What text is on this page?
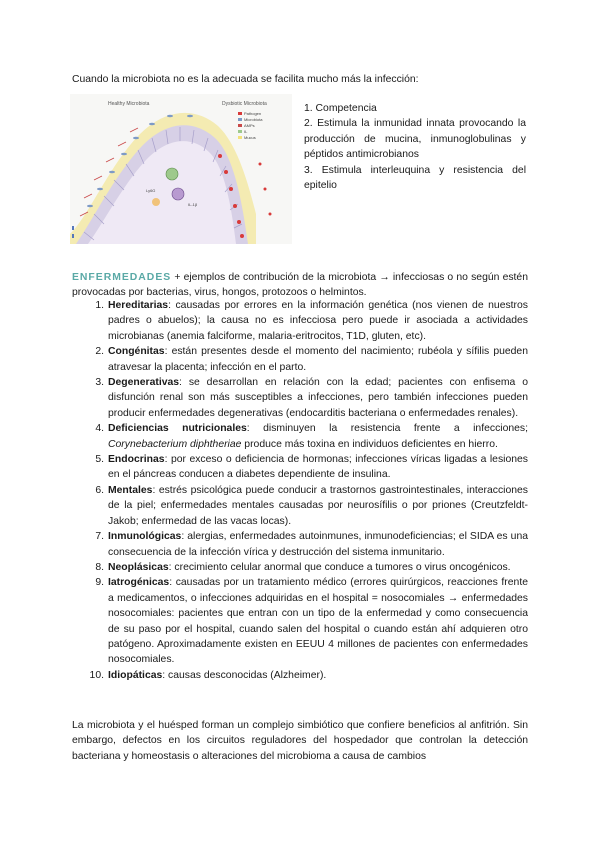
Cuando la microbiota no es la adecuada se facilita mucho más la infección:
Healthy Microbiota	Dysbiotic Microbiota
Ly6G
IL-1β
Pathogen
Microbiota
AMPs
IL
Mucus
1. Competencia
2. Estimula la inmunidad innata provocando la producción de mucina, inmunoglobulinas y péptidos antimicrobianos
3. Estimula interleuquina y resistencia del epitelio
ENFERMEDADES + ejemplos de contribución de la microbiota → infecciosas o no según estén provocadas por bacterias, virus, hongos, protozoos o helmintos.
1. Hereditarias: causadas por errores en la información genética (nos vienen de nuestros padres o abuelos); la causa no es infecciosa pero puede ir asociada a actividades microbianas (anemia falciforme, malaria-eritrocitos, T1D, gluten, etc).
2. Congénitas: están presentes desde el momento del nacimiento; rubéola y sífilis pueden atravesar la placenta; infección en el parto.
3. Degenerativas: se desarrollan en relación con la edad; pacientes con enfisema o disfunción renal son más susceptibles a infecciones, pero también infecciones pueden producir enfermedades degenerativas (endocarditis bacteriana o enfermedades renales).
4. Deficiencias nutricionales: disminuyen la resistencia frente a infecciones; Corynebacterium diphtheriae produce más toxina en individuos deficientes en hierro.
5. Endocrinas: por exceso o deficiencia de hormonas; infecciones víricas ligadas a lesiones en el páncreas conducen a diabetes dependiente de insulina.
6. Mentales: estrés psicológica puede conducir a trastornos gastrointestinales, interacciones de la piel; enfermedades mentales causadas por neurosífilis o por priones (Creutzfeldt-Jakob; enfermedad de las vacas locas).
7. Inmunológicas: alergias, enfermedades autoinmunes, inmunodeficiencias; el SIDA es una consecuencia de la infección vírica y destrucción del sistema inmunitario.
8. Neoplásicas: crecimiento celular anormal que conduce a tumores o virus oncogénicos.
9. Iatrogénicas: causadas por un tratamiento médico (errores quirúrgicos, reacciones frente a medicamentos, o infecciones adquiridas en el hospital = nosocomiales → enfermedades nosocomiales: pacientes que entran con un tipo de la enfermedad y como consecuencia de su paso por el hospital, cuando salen del hospital o cuando están ahí adquieren otro patógeno. Aproximadamente existen en EEUU 4 millones de pacientes con enfermedades nosocomiales.
10. Idiopáticas: causas desconocidas (Alzheimer).
La microbiota y el huésped forman un complejo simbiótico que confiere beneficios al anfitrión. Sin embargo, defectos en los circuitos reguladores del hospedador que controlan la detección bacteriana y homeostasis o alteraciones del microbioma a causa de cambios
